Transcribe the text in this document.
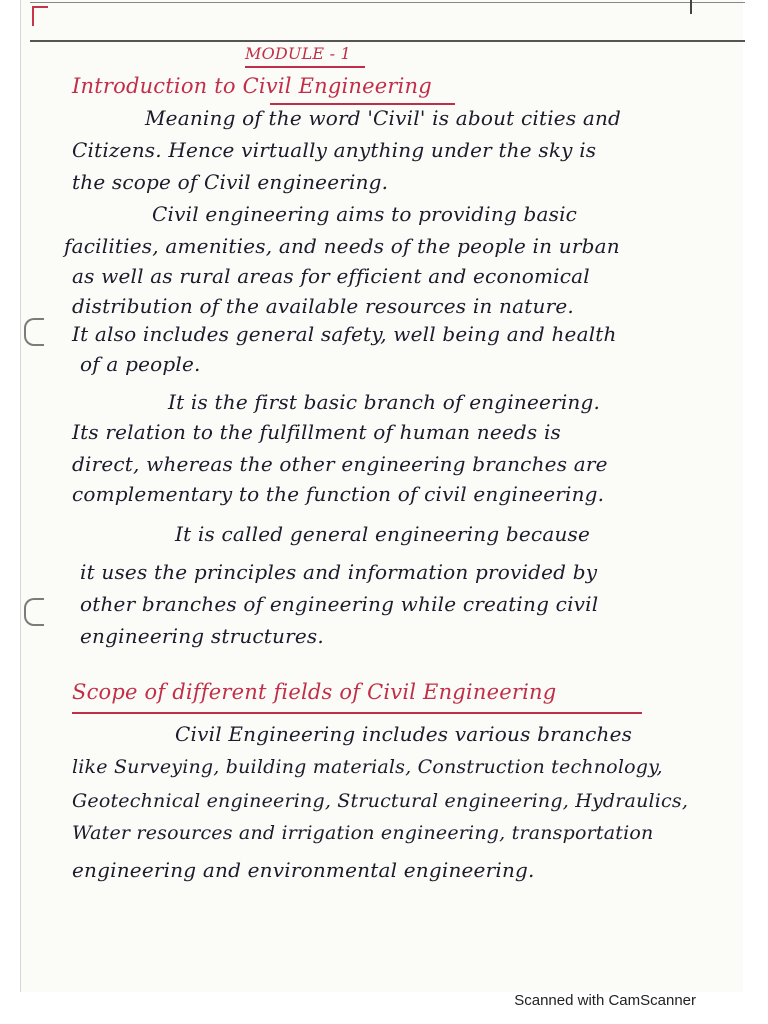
MODULE - 1
Introduction to Civil Engineering
Meaning of the word 'Civil' is about cities and
Citizens. Hence virtually anything under the sky is
the scope of Civil engineering.
Civil engineering aims to providing basic
facilities, amenities, and needs of the people in urban
as well as rural areas for efficient and economical
distribution of the available resources in nature.
It also includes general safety, well being and health
of a people.
It is the first basic branch of engineering.
Its relation to the fulfillment of human needs is
direct, whereas the other engineering branches are
complementary to the function of civil engineering.
It is called general engineering because
it uses the principles and information provided by
other branches of engineering while creating civil
engineering structures.
Scope of different fields of Civil Engineering
Civil Engineering includes various branches
like Surveying, building materials, Construction technology,
Geotechnical engineering, Structural engineering, Hydraulics,
Water resources and irrigation engineering, transportation
engineering and environmental engineering.
Scanned with CamScanner
